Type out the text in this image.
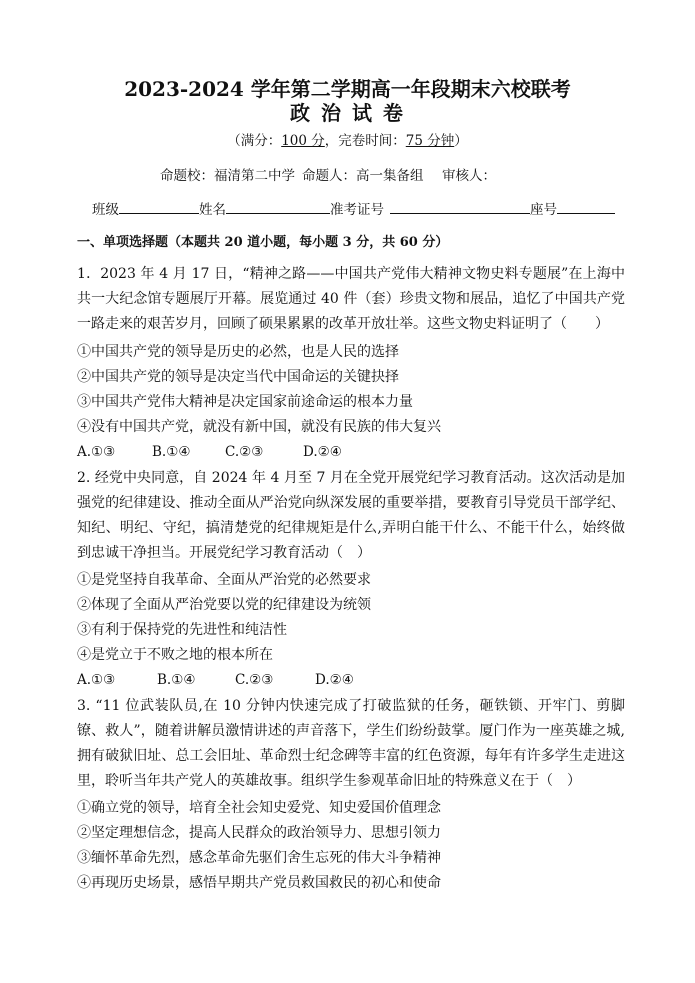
2023-2024 学年第二学期高一年段期末六校联考
政 治 试 卷
（满分：100 分，完卷时间：75 分钟）
命题校：福清第二中学 命题人：高一集备组 审核人：
班级	姓名	准考证号	座号
一、单项选择题（本题共 20 道小题，每小题 3 分，共 60 分）
1．2023 年 4 月 17 日，“精神之路——中国共产党伟大精神文物史料专题展”在上海中共一大纪念馆专题展厅开幕。展览通过 40 件（套）珍贵文物和展品，追忆了中国共产党一路走来的艰苦岁月，回顾了硕果累累的改革开放壮举。这些文物史料证明了（　　）
①中国共产党的领导是历史的必然，也是人民的选择
②中国共产党的领导是决定当代中国命运的关键抉择
③中国共产党伟大精神是决定国家前途命运的根本力量
④没有中国共产党，就没有新中国，就没有民族的伟大复兴
A.①③	B.①④	C.②③	D.②④
2. 经党中央同意，自 2024 年 4 月至 7 月在全党开展党纪学习教育活动。这次活动是加强党的纪律建设、推动全面从严治党向纵深发展的重要举措，要教育引导党员干部学纪、知纪、明纪、守纪，搞清楚党的纪律规矩是什么,弄明白能干什么、不能干什么，始终做到忠诚干净担当。开展党纪学习教育活动（　）
①是党坚持自我革命、全面从严治党的必然要求
②体现了全面从严治党要以党的纪律建设为统领
③有利于保持党的先进性和纯洁性
④是党立于不败之地的根本所在
A.①③	B.①④	C.②③	D.②④
3. “11 位武装队员,在 10 分钟内快速完成了打破监狱的任务，砸铁锁、开牢门、剪脚镣、救人”，随着讲解员激情讲述的声音落下，学生们纷纷鼓掌。厦门作为一座英雄之城,拥有破狱旧址、总工会旧址、革命烈士纪念碑等丰富的红色资源，每年有许多学生走进这里，聆听当年共产党人的英雄故事。组织学生参观革命旧址的特殊意义在于（　）
①确立党的领导，培育全社会知史爱党、知史爱国价值理念
②坚定理想信念，提高人民群众的政治领导力、思想引领力
③缅怀革命先烈，感念革命先驱们舍生忘死的伟大斗争精神
④再现历史场景，感悟早期共产党员救国救民的初心和使命
